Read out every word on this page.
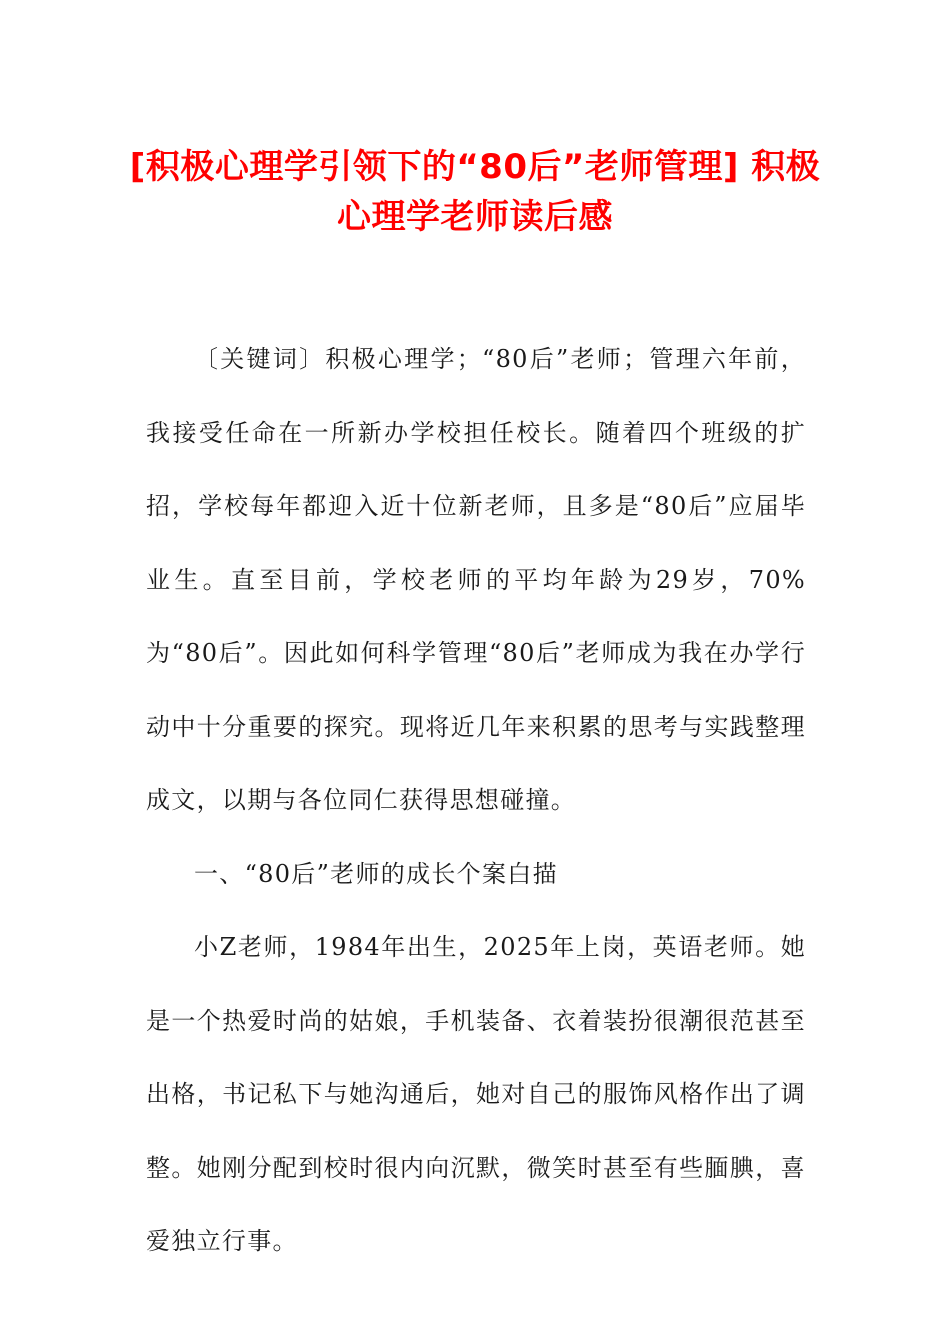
[积极心理学引领下的“80后”老师管理] 积极心理学老师读后感

〔关键词〕积极心理学；“80后”老师；管理六年前，我接受任命在一所新办学校担任校长。随着四个班级的扩招，学校每年都迎入近十位新老师，且多是“80后”应届毕业生。直至目前，学校老师的平均年龄为29岁，70%为“80后”。因此如何科学管理“80后”老师成为我在办学行动中十分重要的探究。现将近几年来积累的思考与实践整理成文，以期与各位同仁获得思想碰撞。

一、“80后”老师的成长个案白描

小Z老师，1984年出生，2025年上岗，英语老师。她是一个热爱时尚的姑娘，手机装备、衣着装扮很潮很范甚至出格，书记私下与她沟通后，她对自己的服饰风格作出了调整。她刚分配到校时很内向沉默，微笑时甚至有些腼腆，喜爱独立行事。
